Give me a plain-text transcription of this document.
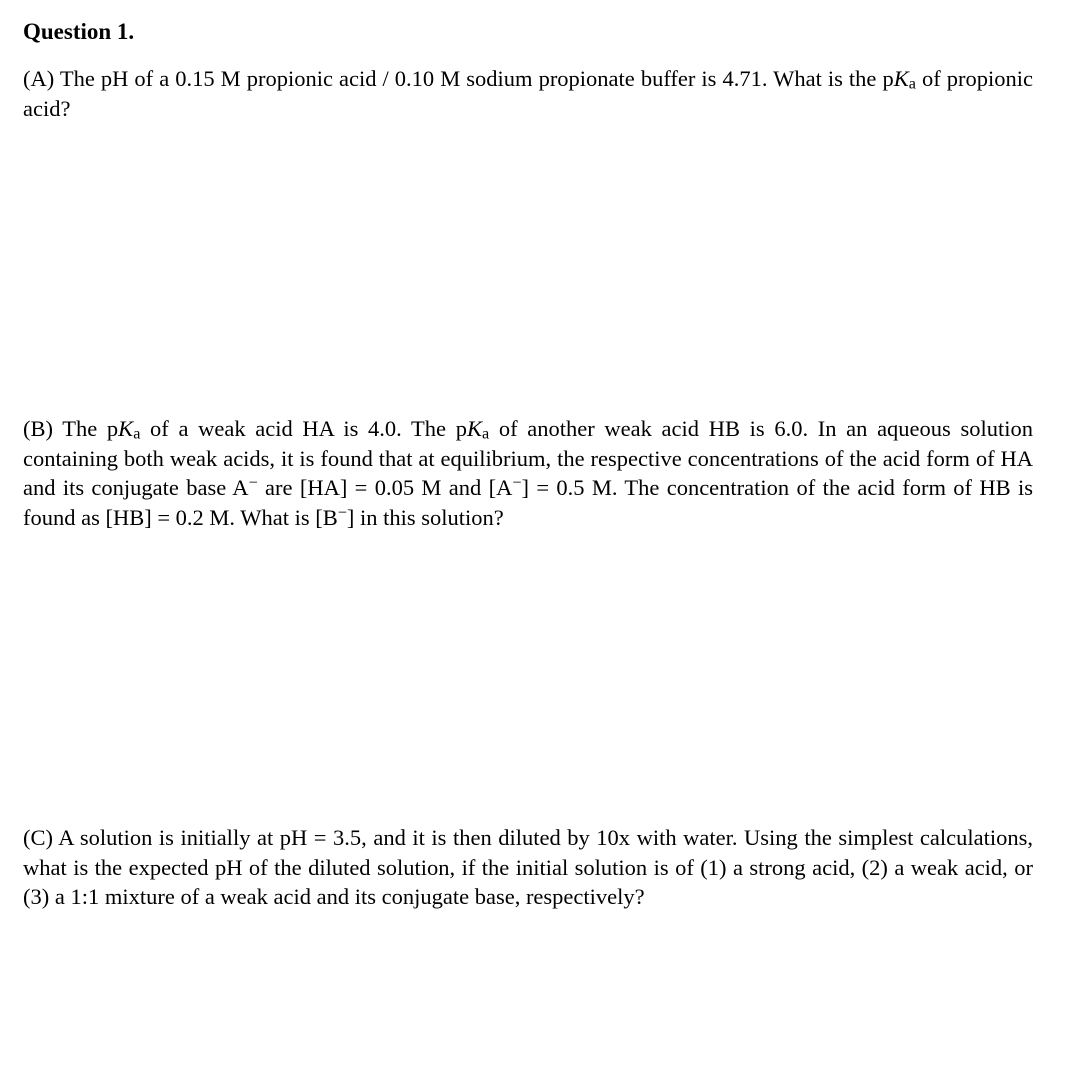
Question 1.

(A) The pH of a 0.15 M propionic acid / 0.10 M sodium propionate buffer is 4.71. What is the $pK_a$ of propionic acid?

(B) The $pK_a$ of a weak acid HA is 4.0. The $pK_a$ of another weak acid HB is 6.0. In an aqueous solution containing both weak acids, it is found that at equilibrium, the respective concentrations of the acid form of HA and its conjugate base A− are [HA] = 0.05 M and [A−] = 0.5 M. The concentration of the acid form of HB is found as [HB] = 0.2 M. What is [B−] in this solution?

(C) A solution is initially at pH = 3.5, and it is then diluted by 10x with water. Using the simplest calculations, what is the expected pH of the diluted solution, if the initial solution is of (1) a strong acid, (2) a weak acid, or (3) a 1:1 mixture of a weak acid and its conjugate base, respectively?
